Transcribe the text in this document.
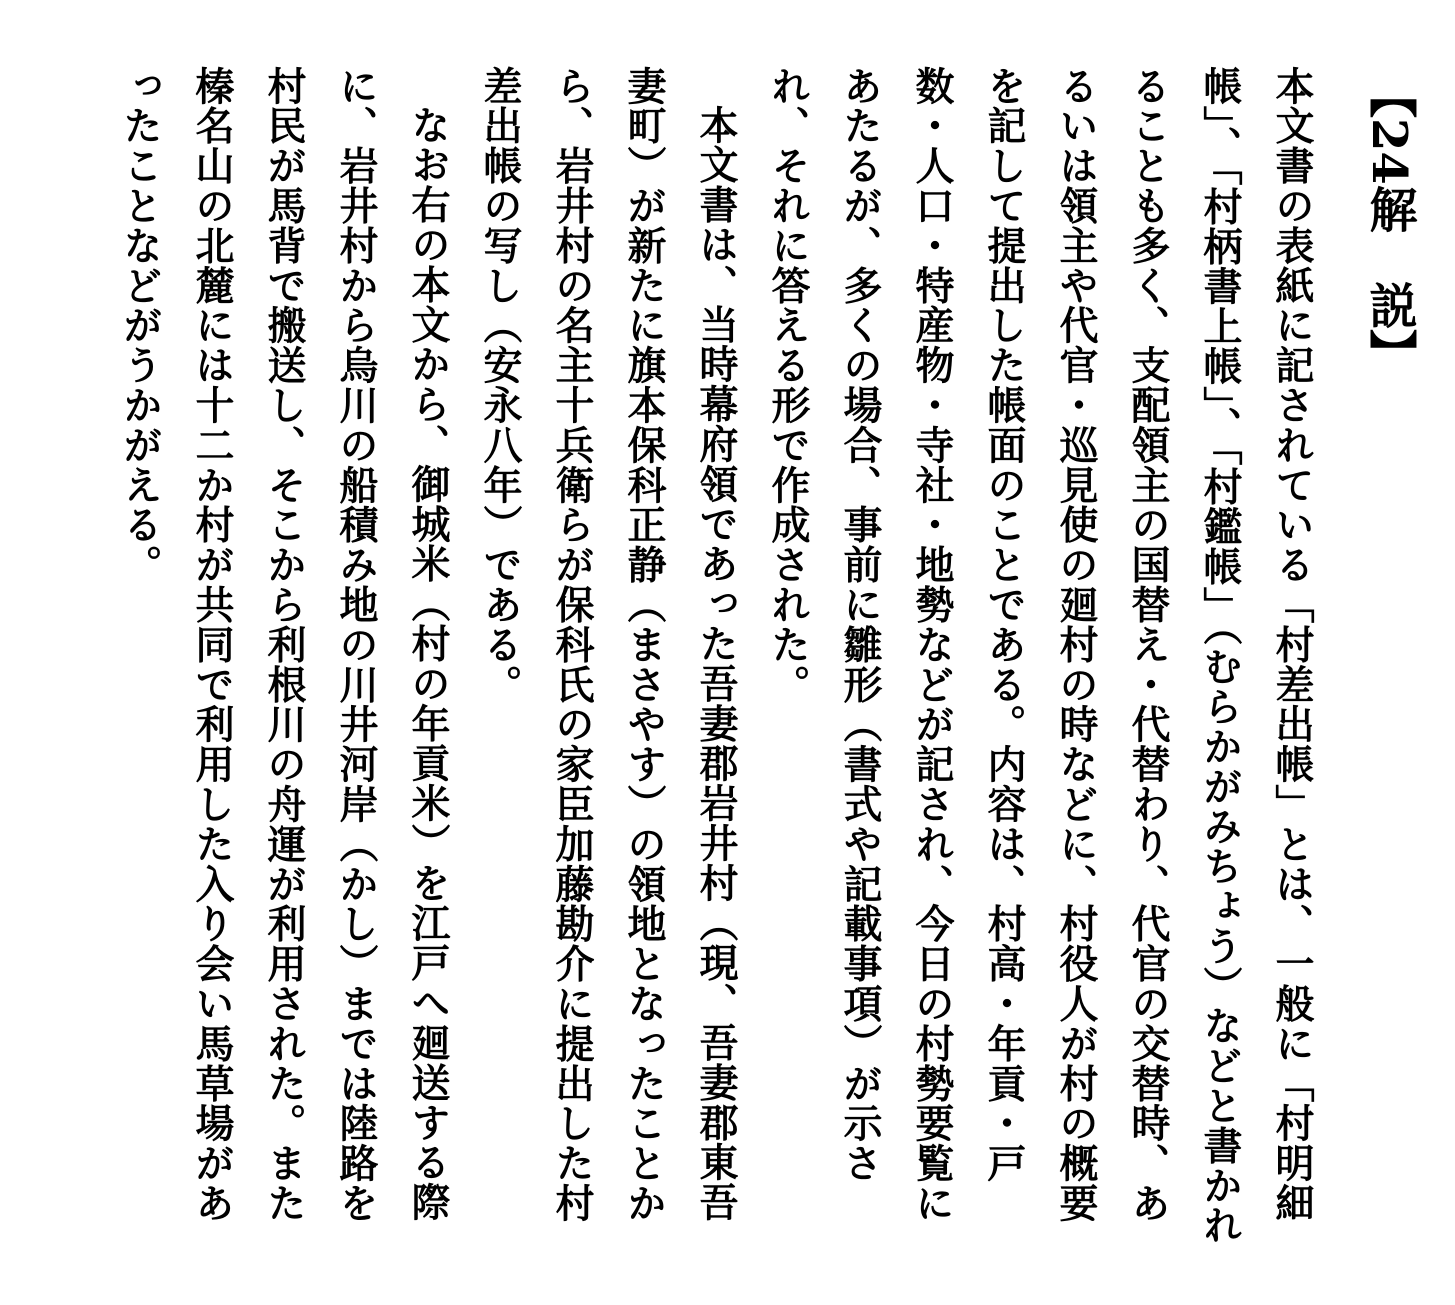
【24解　説】

本文書の表紙に記されている「村差出帳」とは、一般に「村明細帳」、「村柄書上帳」、「村鑑帳」（むらかがみちょう）などと書かれることも多く、支配領主の国替え・代替わり、代官の交替時、あるいは領主や代官・巡見使の廻村の時などに、村役人が村の概要を記して提出した帳面のことである。内容は、村高・年貢・戸数・人口・特産物・寺社・地勢などが記され、今日の村勢要覧にあたるが、多くの場合、事前に雛形（書式や記載事項）が示され、それに答える形で作成された。

本文書は、当時幕府領であった吾妻郡岩井村（現、吾妻郡東吾妻町）が新たに旗本保科正静（まさやす）の領地となったことから、岩井村の名主十兵衛らが保科氏の家臣加藤勘介に提出した村差出帳の写し（安永八年）である。

なお右の本文から、御城米（村の年貢米）を江戸へ廻送する際に、岩井村から烏川の船積み地の川井河岸（かし）までは陸路を村民が馬背で搬送し、そこから利根川の舟運が利用された。また榛名山の北麓には十二か村が共同で利用した入り会い馬草場があったことなどがうかがえる。
